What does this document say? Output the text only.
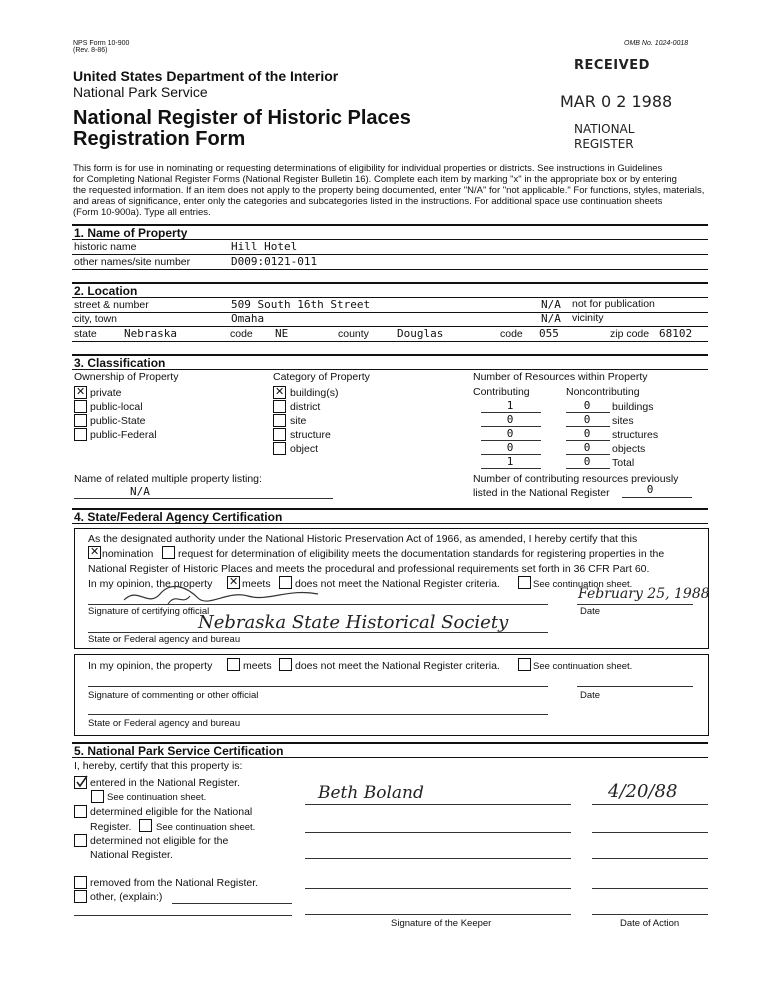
NPS Form 10-900
(Rev. 8-86)
OMB No. 1024-0018
United States Department of the Interior
National Park Service
National Register of Historic Places
Registration Form
RECEIVED
MAR 0 2 1988
NATIONAL
REGISTER
This form is for use in nominating or requesting determinations of eligibility for individual properties or districts. See instructions in Guidelines
for Completing National Register Forms (National Register Bulletin 16). Complete each item by marking "x" in the appropriate box or by entering
the requested information. If an item does not apply to the property being documented, enter "N/A" for "not applicable." For functions, styles, materials,
and areas of significance, enter only the categories and subcategories listed in the instructions. For additional space use continuation sheets
(Form 10-900a). Type all entries.
1. Name of Property
historic name	Hill Hotel
other names/site number	D009:0121-011
2. Location
street & number	509 South 16th Street	N/A not for publication
city, town	Omaha	N/A vicinity
state Nebraska	code NE	county	Douglas	code 055	zip code 68102
3. Classification
Ownership of Property
✕
private
public-local
public-State
public-Federal
Category of Property
✕
building(s)
district
site
structure
object
Number of Resources within Property
Contributing	Noncontributing
1	0	buildings
0	0	sites
0	0	structures
0	0	objects
1	0	Total
Name of related multiple property listing:
N/A
Number of contributing resources previously
listed in the National Register	0
4. State/Federal Agency Certification
As the designated authority under the National Historic Preservation Act of 1966, as amended, I hereby certify that this
✕
nomination request for determination of eligibility meets the documentation standards for registering properties in the
National Register of Historic Places and meets the procedural and professional requirements set forth in 36 CFR Part 60.
In my opinion, the property
✕	meets does not meet the National Register criteria.	See continuation sheet.
Signature of certifying official
February 25, 1988
Date
Nebraska State Historical Society
State or Federal agency and bureau
In my opinion, the property	meets does not meet the National Register criteria.	See continuation sheet.
Signature of commenting or other official	Date
State or Federal agency and bureau
5. National Park Service Certification
I, hereby, certify that this property is:
entered in the National Register.
See continuation sheet.
determined eligible for the National
Register.	See continuation sheet.
determined not eligible for the
National Register.
removed from the National Register.
other, (explain:)
Beth Boland	4/20/88
Signature of the Keeper	Date of Action
